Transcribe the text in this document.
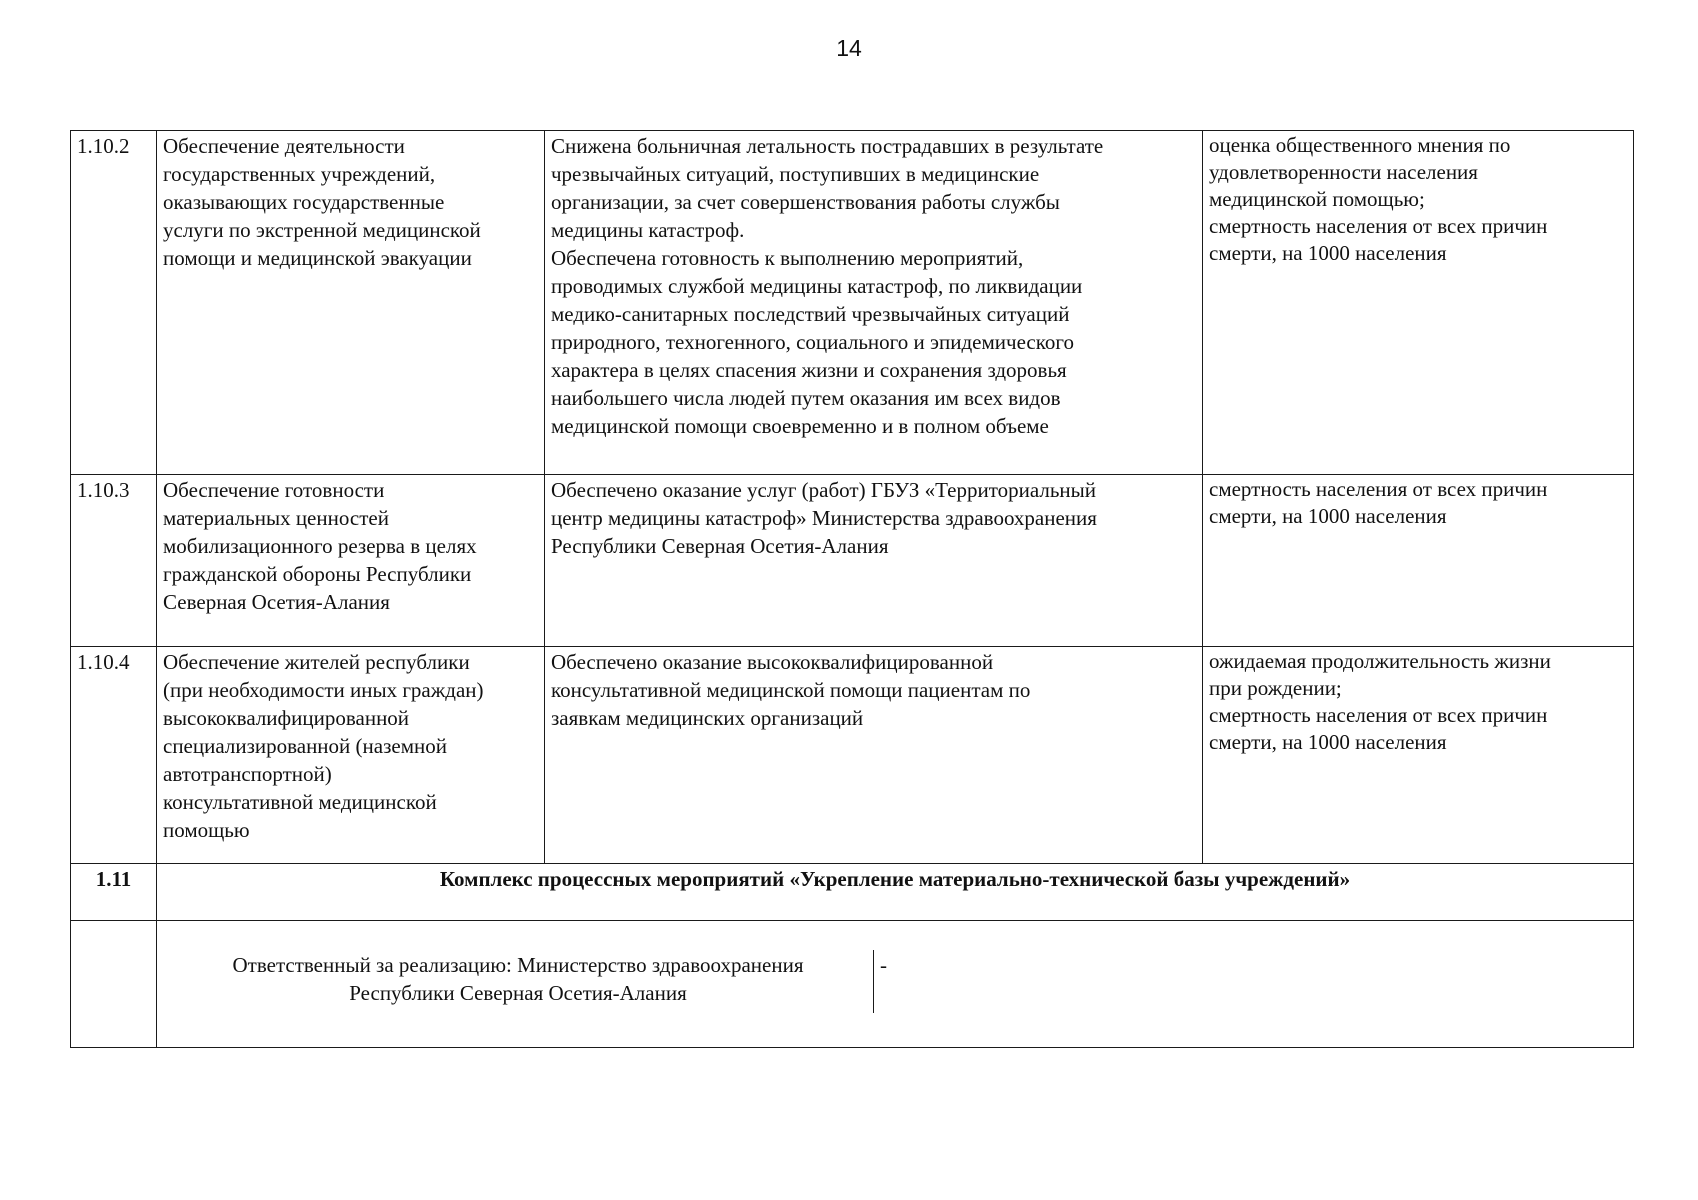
14
1.10.2	Обеспечение деятельности
государственных учреждений,
оказывающих государственные
услуги по экстренной медицинской
помощи и медицинской эвакуации	Снижена больничная летальность пострадавших в результате
чрезвычайных ситуаций, поступивших в медицинские
организации, за счет совершенствования работы службы
медицины катастроф.
Обеспечена готовность к выполнению мероприятий,
проводимых службой медицины катастроф, по ликвидации
медико-санитарных последствий чрезвычайных ситуаций
природного, техногенного, социального и эпидемического
характера в целях спасения жизни и сохранения здоровья
наибольшего числа людей путем оказания им всех видов
медицинской помощи своевременно и в полном объеме	оценка общественного мнения по
удовлетворенности населения
медицинской помощью;
смертность населения от всех причин
смерти, на 1000 населения
1.10.3	Обеспечение готовности
материальных ценностей
мобилизационного резерва в целях
гражданской обороны Республики
Северная Осетия-Алания	Обеспечено оказание услуг (работ) ГБУЗ «Территориальный
центр медицины катастроф» Министерства здравоохранения
Республики Северная Осетия-Алания	смертность населения от всех причин
смерти, на 1000 населения
1.10.4	Обеспечение жителей республики
(при необходимости иных граждан)
высококвалифицированной
специализированной (наземной
автотранспортной)
консультативной медицинской
помощью	Обеспечено оказание высококвалифицированной
консультативной медицинской помощи пациентам по
заявкам медицинских организаций	ожидаемая продолжительность жизни
при рождении;
смертность населения от всех причин
смерти, на 1000 населения
1.11	Комплекс процессных мероприятий «Укрепление материально-технической базы учреждений»

Ответственный за реализацию: Министерство здравоохранения
Республики Северная Осетия-Алания	-
